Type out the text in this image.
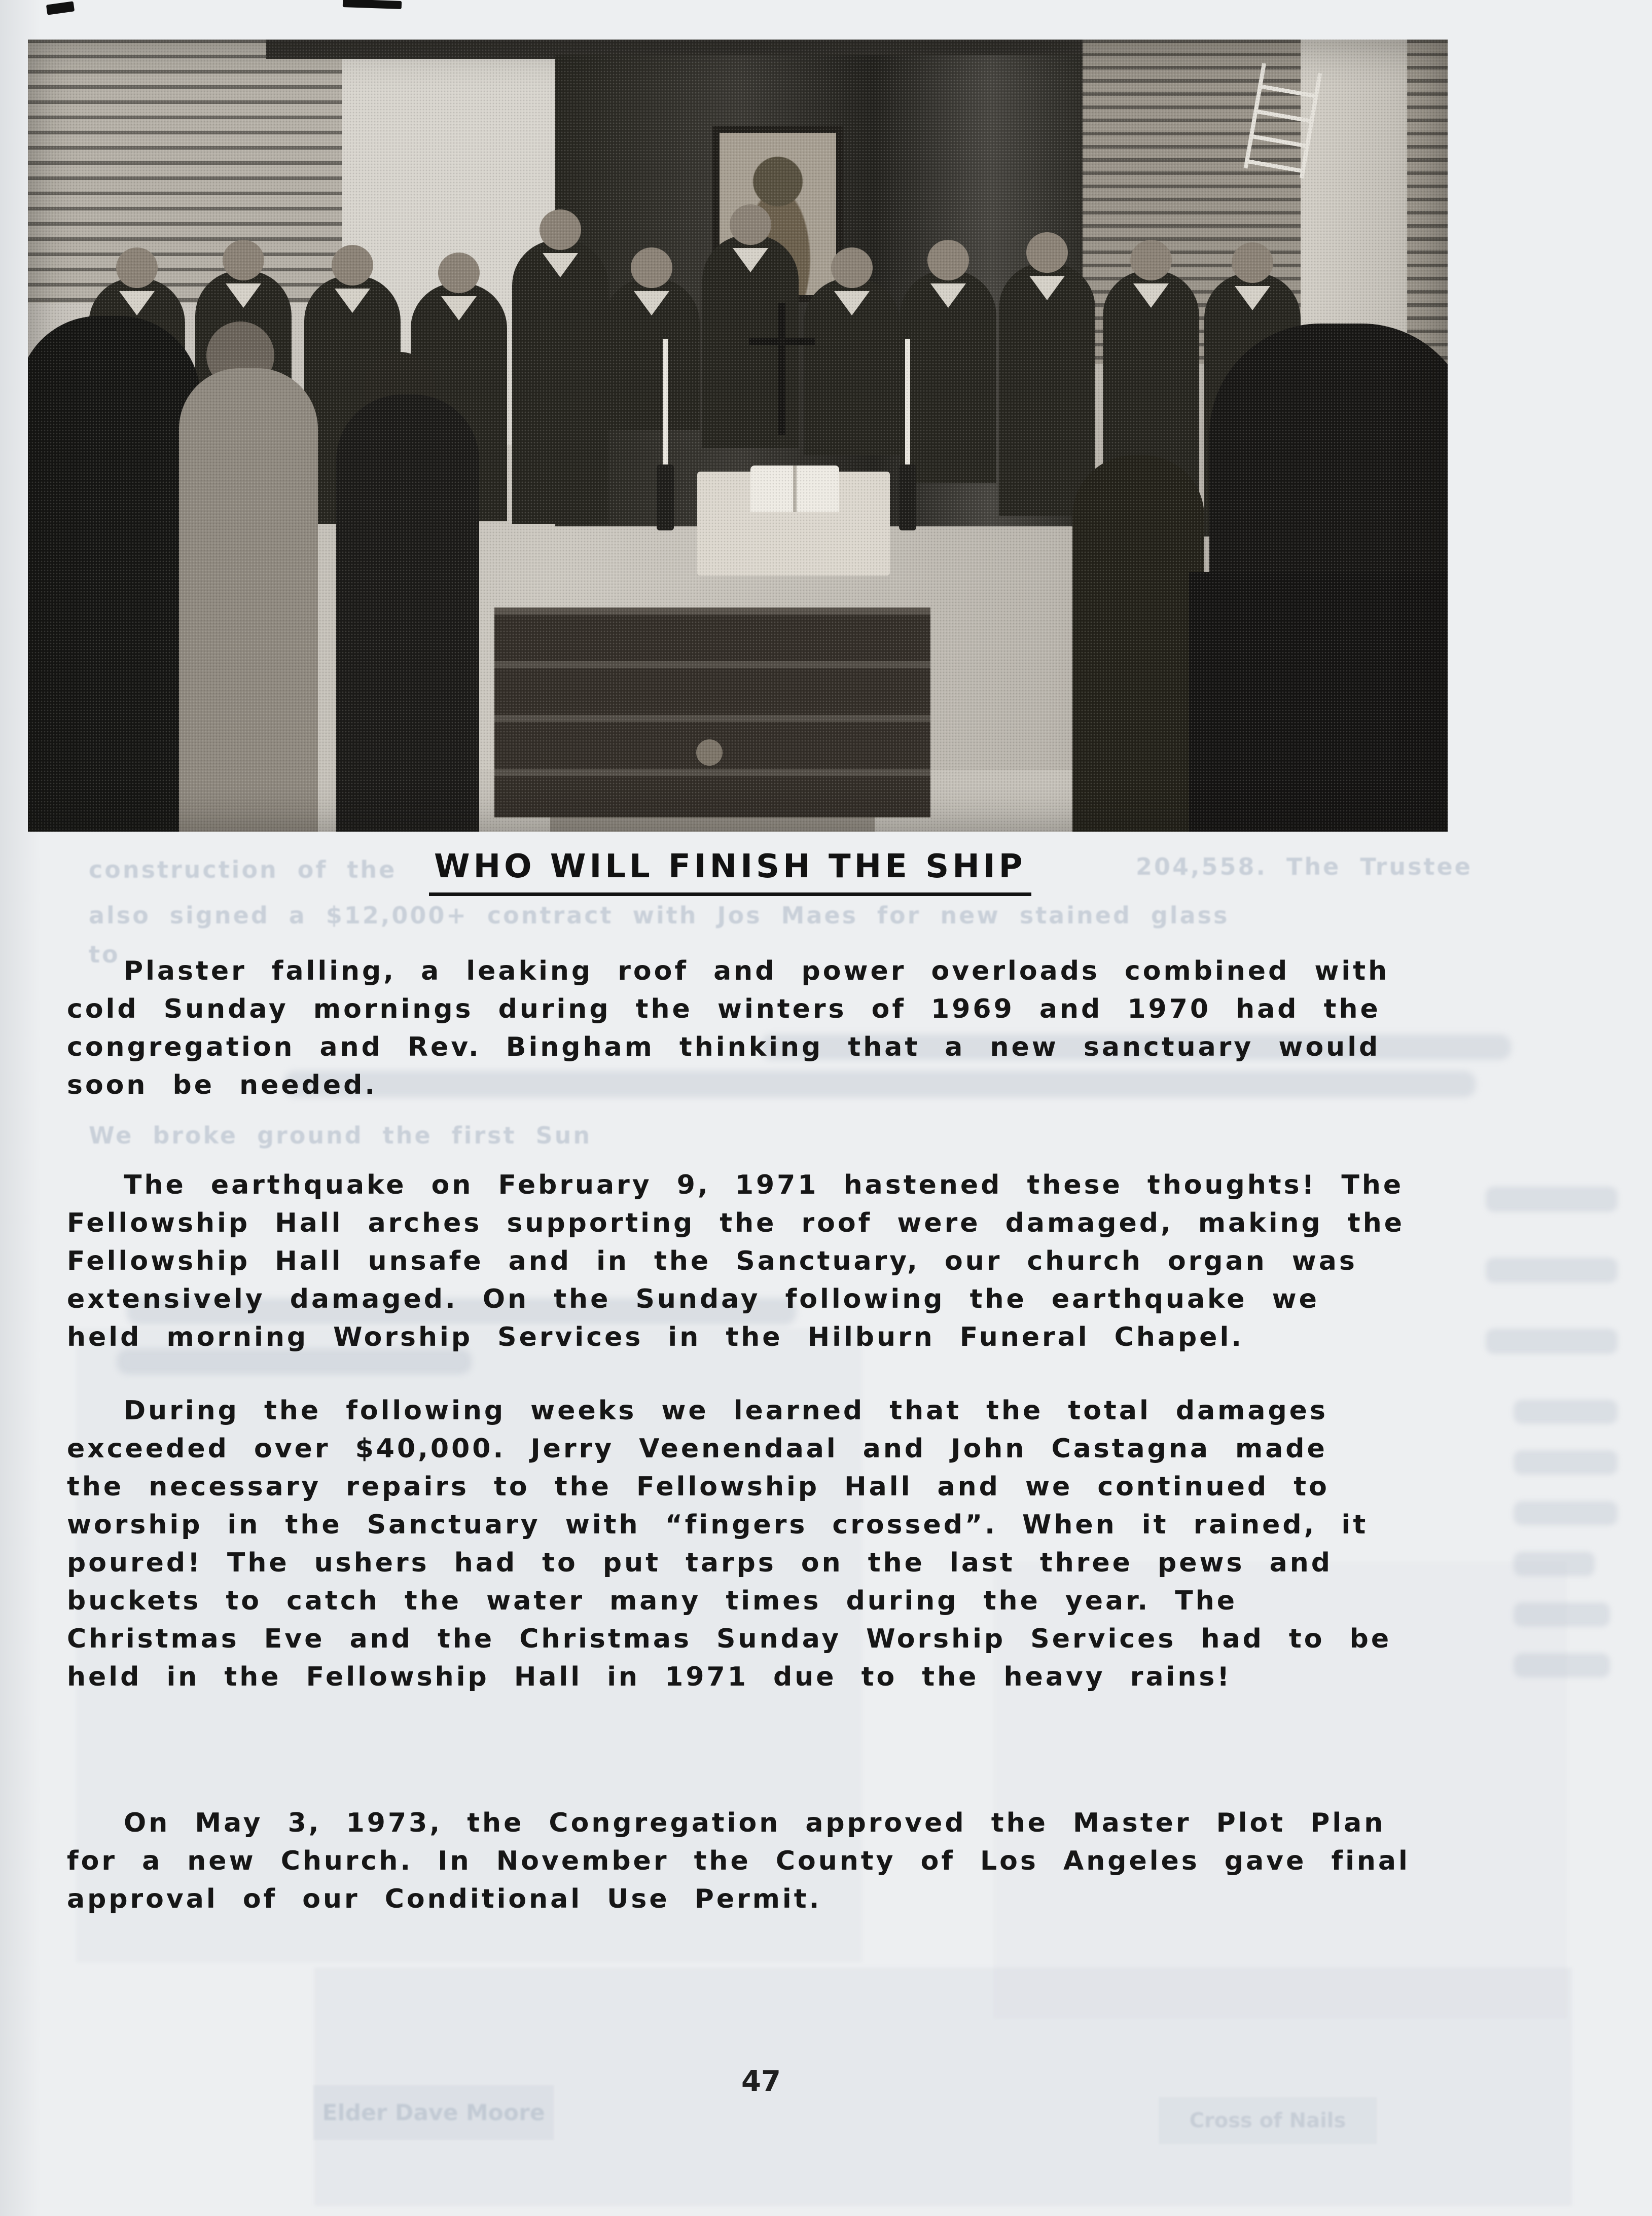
construction of the	204,558. The Trustee
also signed a $12,000+ contract with Jos Maes for new stained glass
to
We broke ground the first Sun
Elder Dave Moore	Cross of Nails
WHO WILL FINISH THE SHIP
Plaster falling, a leaking roof and power overloads combined with
cold Sunday mornings during the winters of 1969 and 1970 had the
congregation and Rev. Bingham thinking that a new sanctuary would
soon be needed.
The earthquake on February 9, 1971 hastened these thoughts! The
Fellowship Hall arches supporting the roof were damaged, making the
Fellowship Hall unsafe and in the Sanctuary, our church organ was
extensively damaged. On the Sunday following the earthquake we
held morning Worship Services in the Hilburn Funeral Chapel.
During the following weeks we learned that the total damages
exceeded over $40,000. Jerry Veenendaal and John Castagna made
the necessary repairs to the Fellowship Hall and we continued to
worship in the Sanctuary with “fingers crossed”. When it rained, it
poured! The ushers had to put tarps on the last three pews and
buckets to catch the water many times during the year. The
Christmas Eve and the Christmas Sunday Worship Services had to be
held in the Fellowship Hall in 1971 due to the heavy rains!
On May 3, 1973, the Congregation approved the Master Plot Plan
for a new Church. In November the County of Los Angeles gave final
approval of our Conditional Use Permit.
47
